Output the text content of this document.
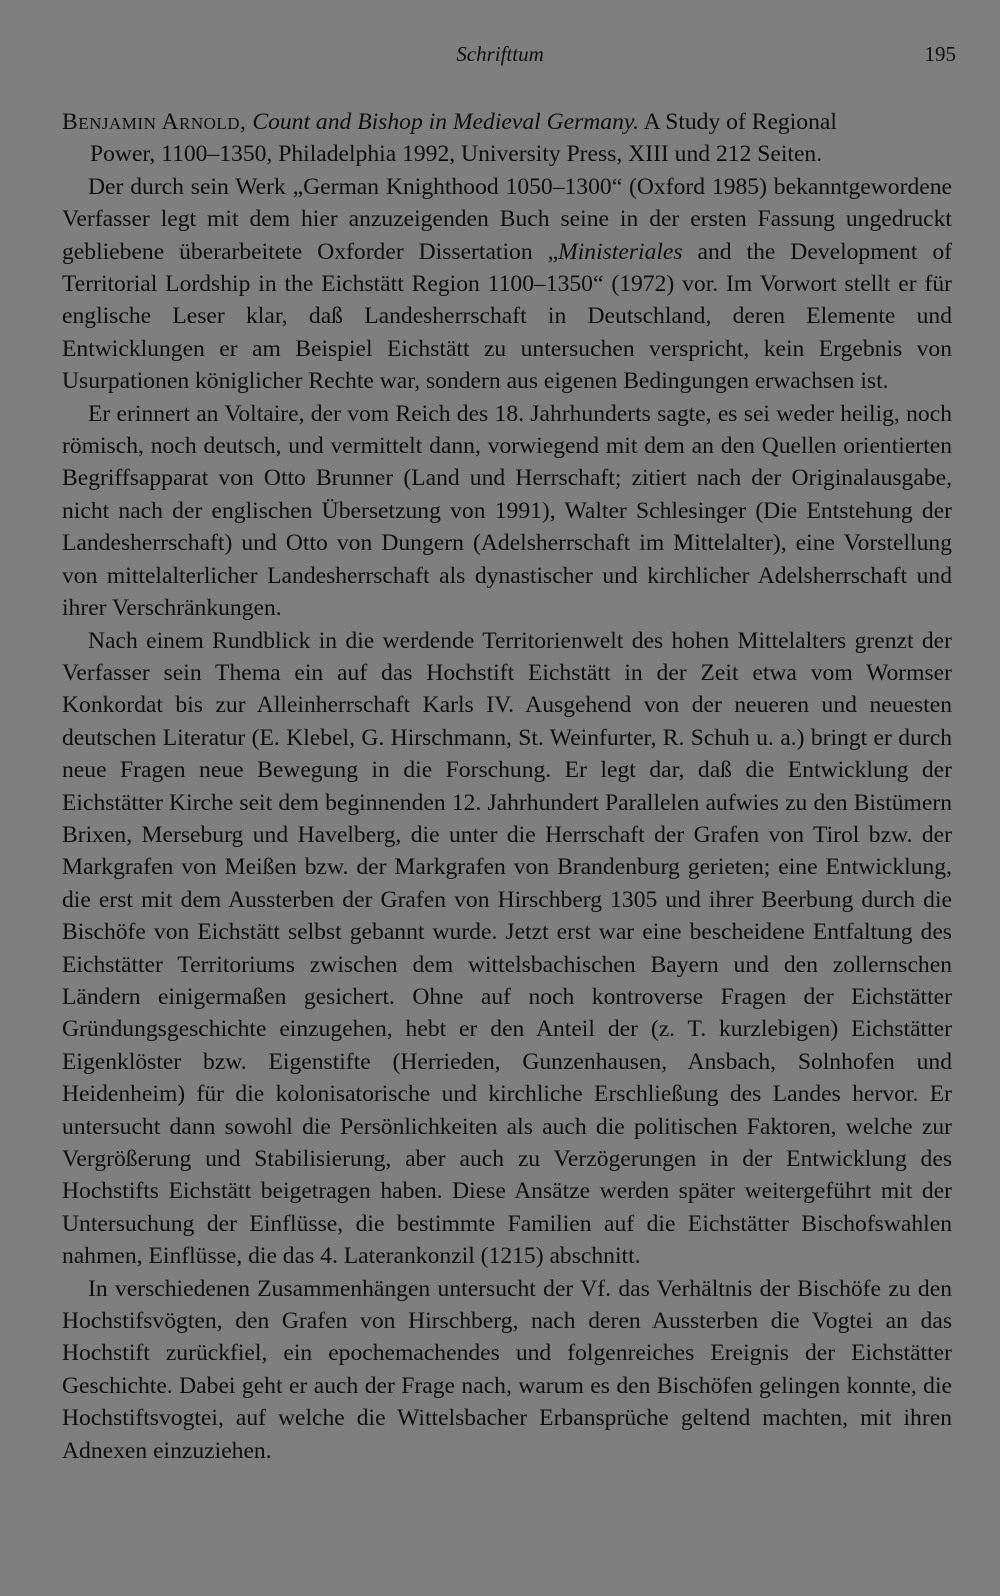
Schrifttum	195

Benjamin Arnold, Count and Bishop in Medieval Germany. A Study of Regional
Power, 1100–1350, Philadelphia 1992, University Press, XIII und 212 Seiten.

Der durch sein Werk „German Knighthood 1050–1300“ (Oxford 1985) bekanntgewordene Verfasser legt mit dem hier anzuzeigenden Buch seine in der ersten Fassung ungedruckt gebliebene überarbeitete Oxforder Dissertation „Ministeriales and the Development of Territorial Lordship in the Eichstätt Region 1100–1350“ (1972) vor. Im Vorwort stellt er für englische Leser klar, daß Landesherrschaft in Deutschland, deren Elemente und Entwicklungen er am Beispiel Eichstätt zu untersuchen verspricht, kein Ergebnis von Usurpationen königlicher Rechte war, sondern aus eigenen Bedingungen erwachsen ist.

Er erinnert an Voltaire, der vom Reich des 18. Jahrhunderts sagte, es sei weder heilig, noch römisch, noch deutsch, und vermittelt dann, vorwiegend mit dem an den Quellen orientierten Begriffsapparat von Otto Brunner (Land und Herrschaft; zitiert nach der Originalausgabe, nicht nach der englischen Übersetzung von 1991), Walter Schlesinger (Die Entstehung der Landesherrschaft) und Otto von Dungern (Adelsherrschaft im Mittelalter), eine Vorstellung von mittelalterlicher Landesherrschaft als dynastischer und kirchlicher Adelsherrschaft und ihrer Verschränkungen.

Nach einem Rundblick in die werdende Territorienwelt des hohen Mittelalters grenzt der Verfasser sein Thema ein auf das Hochstift Eichstätt in der Zeit etwa vom Wormser Konkordat bis zur Alleinherrschaft Karls IV. Ausgehend von der neueren und neuesten deutschen Literatur (E. Klebel, G. Hirschmann, St. Weinfurter, R. Schuh u. a.) bringt er durch neue Fragen neue Bewegung in die Forschung. Er legt dar, daß die Entwicklung der Eichstätter Kirche seit dem beginnenden 12. Jahrhundert Parallelen aufwies zu den Bistümern Brixen, Merseburg und Havelberg, die unter die Herrschaft der Grafen von Tirol bzw. der Markgrafen von Meißen bzw. der Markgrafen von Brandenburg gerieten; eine Entwicklung, die erst mit dem Aussterben der Grafen von Hirschberg 1305 und ihrer Beerbung durch die Bischöfe von Eichstätt selbst gebannt wurde. Jetzt erst war eine bescheidene Entfaltung des Eichstätter Territoriums zwischen dem wittelsbachischen Bayern und den zollernschen Ländern einigermaßen gesichert. Ohne auf noch kontroverse Fragen der Eichstätter Gründungsgeschichte einzugehen, hebt er den Anteil der (z. T. kurzlebigen) Eichstätter Eigenklöster bzw. Eigenstifte (Herrieden, Gunzenhausen, Ansbach, Solnhofen und Heidenheim) für die kolonisatorische und kirchliche Erschließung des Landes hervor. Er untersucht dann sowohl die Persönlichkeiten als auch die politischen Faktoren, welche zur Vergrößerung und Stabilisierung, aber auch zu Verzögerungen in der Entwicklung des Hochstifts Eichstätt beigetragen haben. Diese Ansätze werden später weitergeführt mit der Untersuchung der Einflüsse, die bestimmte Familien auf die Eichstätter Bischofswahlen nahmen, Einflüsse, die das 4. Laterankonzil (1215) abschnitt.

In verschiedenen Zusammenhängen untersucht der Vf. das Verhältnis der Bischöfe zu den Hochstifsvögten, den Grafen von Hirschberg, nach deren Aussterben die Vogtei an das Hochstift zurückfiel, ein epochemachendes und folgenreiches Ereignis der Eichstätter Geschichte. Dabei geht er auch der Frage nach, warum es den Bischöfen gelingen konnte, die Hochstiftsvogtei, auf welche die Wittelsbacher Erbansprüche geltend machten, mit ihren Adnexen einzuziehen.
